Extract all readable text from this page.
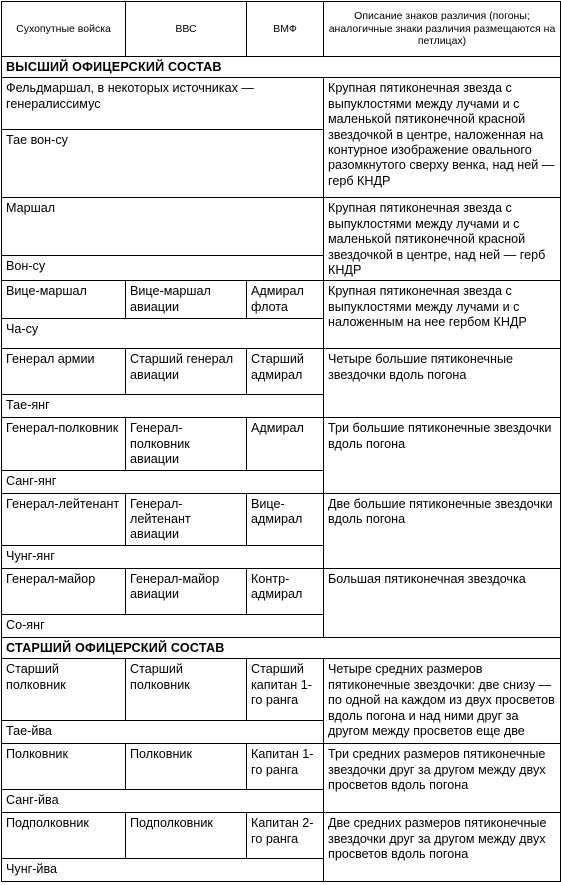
Сухопутные войска	ВВС	ВМФ	Описание знаков различия (погоны; аналогичные знаки различия размещаются на петлицах)
ВЫСШИЙ ОФИЦЕРСКИЙ СОСТАВ			
Фельдмаршал, в некоторых источниках — генералиссимус			Крупная пятиконечная звезда с выпуклостями между лучами и с маленькой пятиконечной красной звездочкой в центре, наложенная на контурное изображение овального разомкнутого сверху венка, над ней — герб КНДР
Тае вон-су			
Маршал			Крупная пятиконечная звезда с выпуклостями между лучами и с маленькой пятиконечной красной звездочкой в центре, над ней — герб КНДР
Вон-су			
Вице-маршал	Вице-маршал авиации	Адмирал флота	Крупная пятиконечная звезда с выпуклостями между лучами и с наложенным на нее гербом КНДР
Ча-су			
Генерал армии	Старший генерал авиации	Старший адмирал	Четыре большие пятиконечные звездочки вдоль погона
Тае-янг			
Генерал-полковник	Генерал-полковник авиации	Адмирал	Три большие пятиконечные звездочки вдоль погона
Санг-янг			
Генерал-лейтенант	Генерал-лейтенант авиации	Вице-адмирал	Две большие пятиконечные звездочки вдоль погона
Чунг-янг			
Генерал-майор	Генерал-майор авиации	Контр-адмирал	Большая пятиконечная звездочка
Со-янг			
СТАРШИЙ ОФИЦЕРСКИЙ СОСТАВ			
Старший полковник	Старший полковник	Старший капитан 1-го ранга	Четыре средних размеров пятиконечные звездочки: две снизу — по одной на каждом из двух просветов вдоль погона и над ними друг за другом между просветов еще две
Тае-йва			
Полковник	Полковник	Капитан 1-го ранга	Три средних размеров пятиконечные звездочки друг за другом между двух просветов вдоль погона
Санг-йва			
Подполковник	Подполковник	Капитан 2-го ранга	Две средних размеров пятиконечные звездочки друг за другом между двух просветов вдоль погона
Чунг-йва			
